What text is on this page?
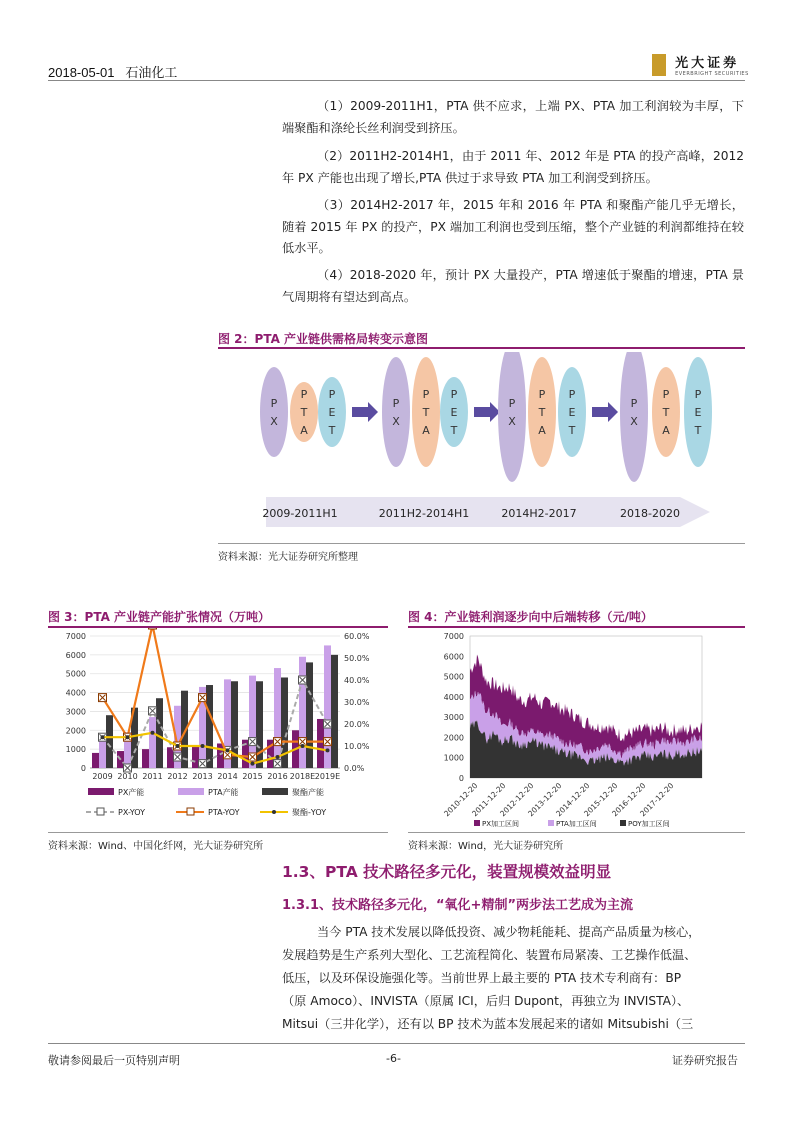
2018-05-01 石油化工

光大证券
EVERBRIGHT SECURITIES
（1）2009-2011H1，PTA 供不应求，上端 PX、PTA 加工利润较为丰厚，下端聚酯和涤纶长丝利润受到挤压。
（2）2011H2-2014H1，由于 2011 年、2012 年是 PTA 的投产高峰，2012 年 PX 产能也出现了增长,PTA 供过于求导致 PTA 加工利润受到挤压。
（3）2014H2-2017 年，2015 年和 2016 年 PTA 和聚酯产能几乎无增长，随着 2015 年 PX 的投产，PX 端加工利润也受到压缩，整个产业链的利润都维持在较低水平。
（4）2018-2020 年，预计 PX 大量投产，PTA 增速低于聚酯的增速，PTA 景气周期将有望达到高点。
图 2：PTA 产业链供需格局转变示意图
2009-2011H1	2011H2-2014H1	2014H2-2017	2018-2020
P
X
P
T
A
P
E
T
P
X
P
T
A
P
E
T
P
X
P
T
A
P
E
T
P
X
P
T
A
P
E
T
资料来源：光大证券研究所整理
图 3：PTA 产业链产能扩张情况（万吨）
0
1000
2000
3000
4000
5000
6000
7000
0.0%
10.0%
20.0%
30.0%
40.0%
50.0%
60.0%
2009 2010 2011 2012 2013 2014 2015 2016 2018E 2019E
PX产能	PTA产能	聚酯产能
PX-YOY	PTA-YOY	聚酯-YOY
资料来源：Wind、中国化纤网，光大证券研究所
图 4：产业链利润逐步向中后端转移（元/吨）
0
1000
2000
3000
4000
5000
6000
7000
2010-12-20
2011-12-20
2012-12-20
2013-12-20
2014-12-20
2015-12-20
2016-12-20
2017-12-20
PX加工区间	PTA加工区间	POY加工区间
资料来源：Wind，光大证券研究所
1.3、PTA 技术路径多元化，装置规模效益明显
1.3.1、技术路径多元化，“氧化+精制”两步法工艺成为主流
当今 PTA 技术发展以降低投资、减少物耗能耗、提高产品质量为核心，
发展趋势是生产系列大型化、工艺流程简化、装置布局紧凑、工艺操作低温、
低压，以及环保设施强化等。当前世界上最主要的 PTA 技术专利商有：BP
（原 Amoco）、INVISTA（原属 ICI，后归 Dupont，再独立为 INVISTA）、
Mitsui（三井化学），还有以 BP 技术为蓝本发展起来的诸如 Mitsubishi（三
敬请参阅最后一页特别声明	-6-	证券研究报告
